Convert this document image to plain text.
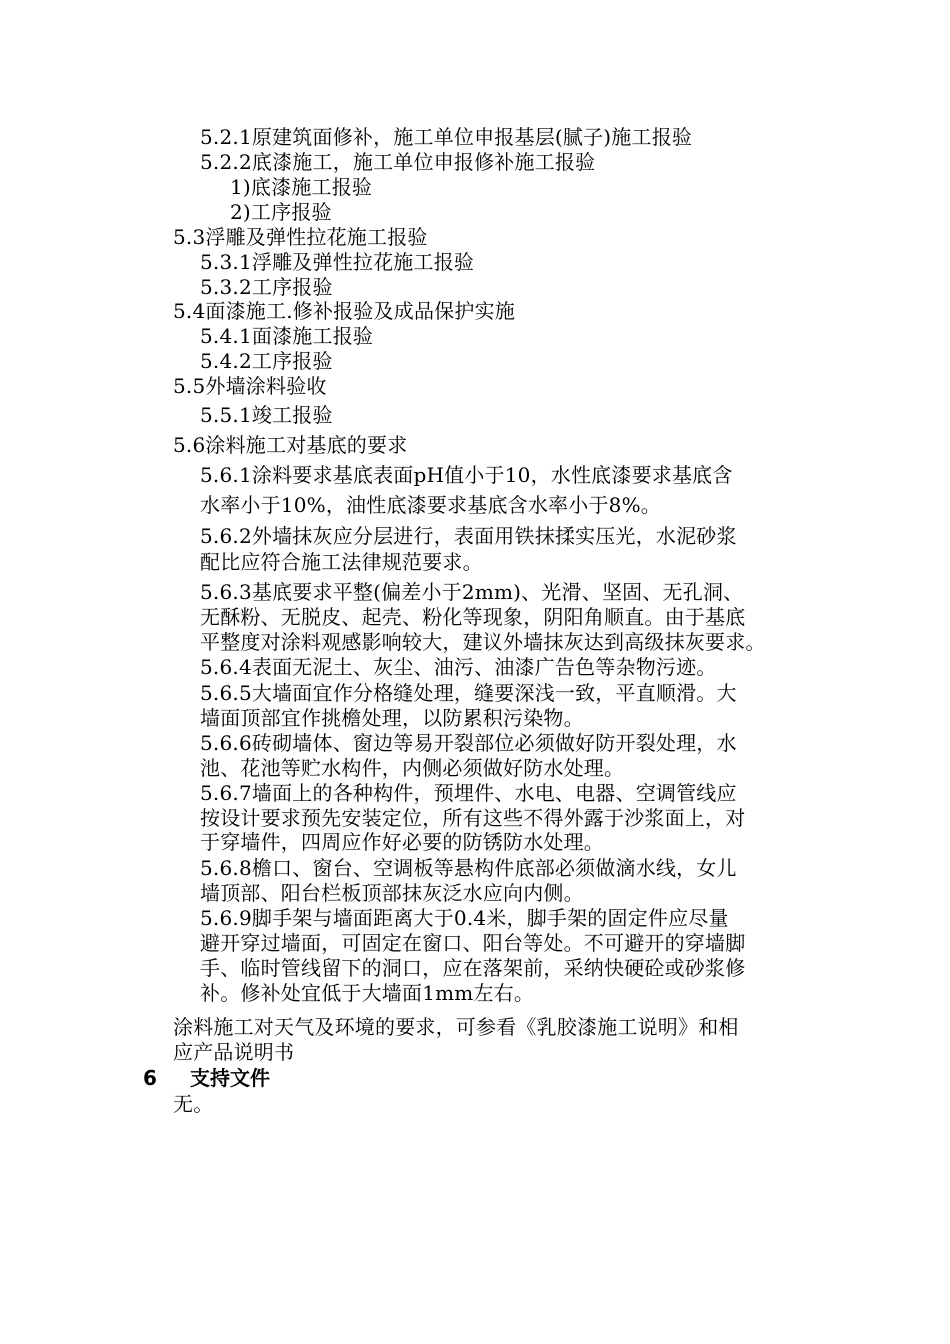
5.2.1原建筑面修补，施工单位申报基层(腻子)施工报验
5.2.2底漆施工，施工单位申报修补施工报验
1)底漆施工报验
2)工序报验
5.3浮雕及弹性拉花施工报验
5.3.1浮雕及弹性拉花施工报验
5.3.2工序报验
5.4面漆施工.修补报验及成品保护实施
5.4.1面漆施工报验
5.4.2工序报验
5.5外墙涂料验收
5.5.1竣工报验
5.6涂料施工对基底的要求
5.6.1涂料要求基底表面pH值小于10，水性底漆要求基底含
水率小于10%，油性底漆要求基底含水率小于8%。
5.6.2外墙抹灰应分层进行，表面用铁抹揉实压光，水泥砂浆
配比应符合施工法律规范要求。
5.6.3基底要求平整(偏差小于2mm)、光滑、坚固、无孔洞、
无酥粉、无脱皮、起壳、粉化等现象，阴阳角顺直。由于基底
平整度对涂料观感影响较大，建议外墙抹灰达到高级抹灰要求。
5.6.4表面无泥土、灰尘、油污、油漆广告色等杂物污迹。
5.6.5大墙面宜作分格缝处理，缝要深浅一致，平直顺滑。大
墙面顶部宜作挑檐处理，以防累积污染物。
5.6.6砖砌墙体、窗边等易开裂部位必须做好防开裂处理，水
池、花池等贮水构件，内侧必须做好防水处理。
5.6.7墙面上的各种构件，预埋件、水电、电器、空调管线应
按设计要求预先安装定位，所有这些不得外露于沙浆面上，对
于穿墙件，四周应作好必要的防锈防水处理。
5.6.8檐口、窗台、空调板等悬构件底部必须做滴水线，女儿
墙顶部、阳台栏板顶部抹灰泛水应向内侧。
5.6.9脚手架与墙面距离大于0.4米，脚手架的固定件应尽量
避开穿过墙面，可固定在窗口、阳台等处。不可避开的穿墙脚
手、临时管线留下的洞口，应在落架前，采纳快硬砼或砂浆修
补。修补处宜低于大墙面1mm左右。
涂料施工对天气及环境的要求，可参看《乳胶漆施工说明》和相
应产品说明书
6 支持文件
无。
